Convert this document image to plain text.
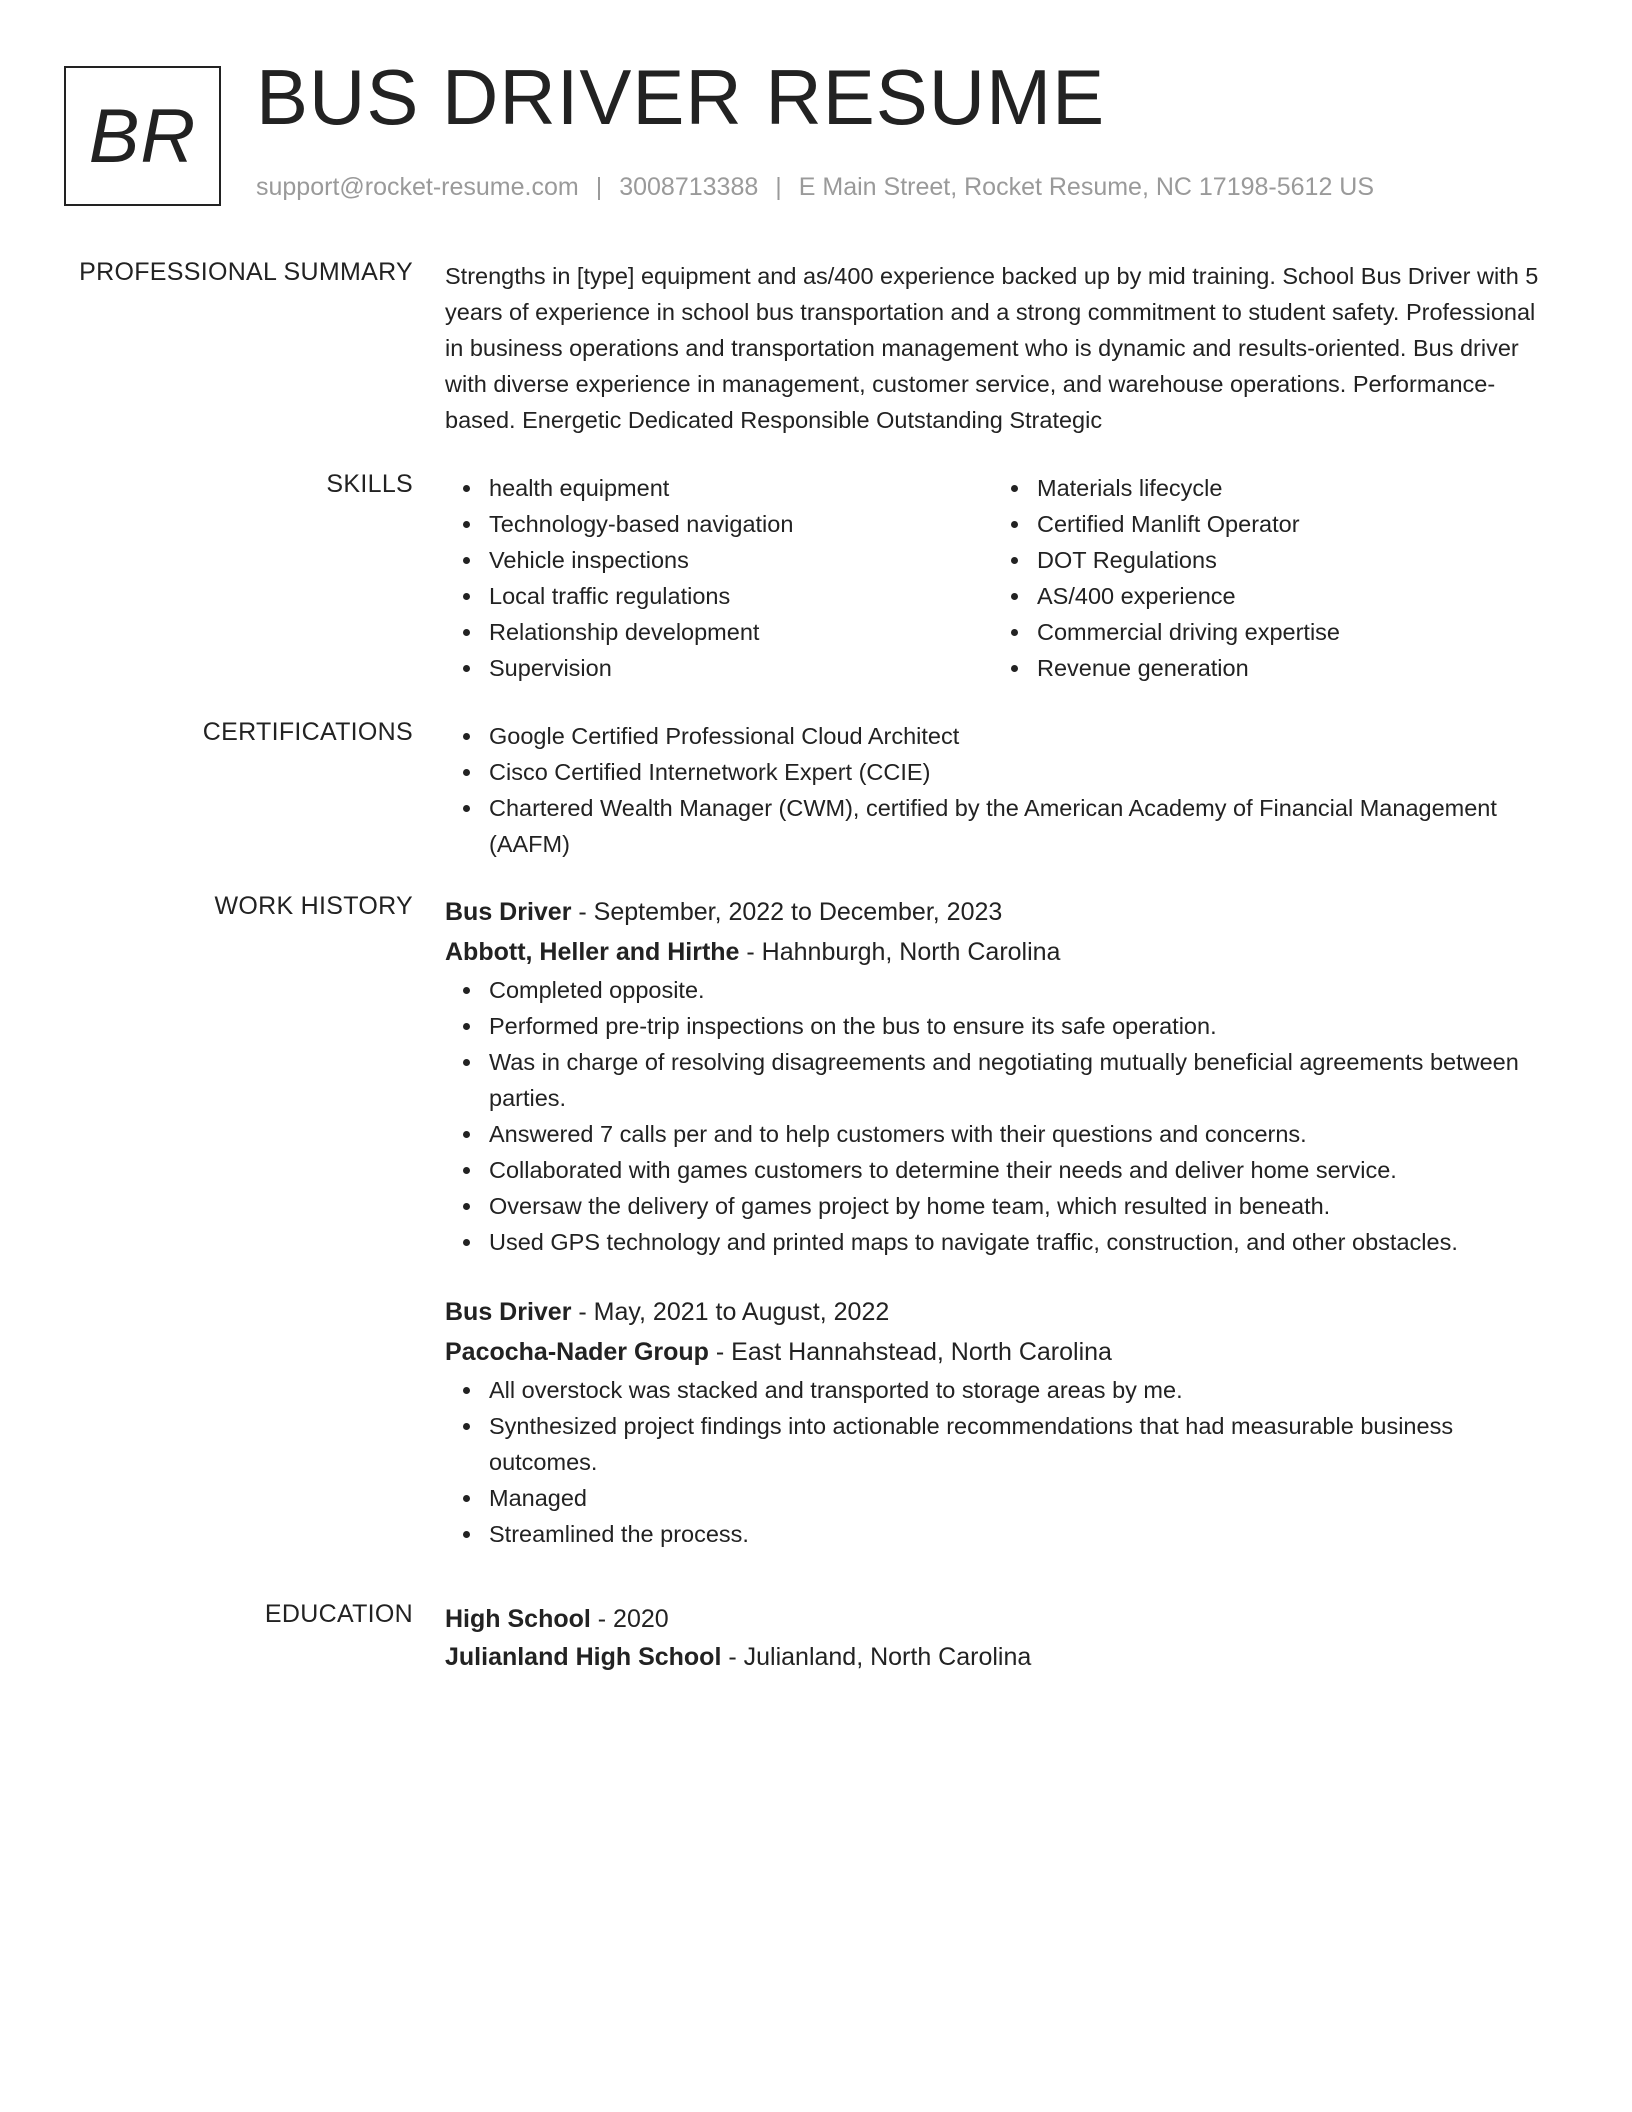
BR BUS DRIVER RESUME
support@rocket-resume.com | 3008713388 | E Main Street, Rocket Resume, NC 17198-5612 US
PROFESSIONAL SUMMARY Strengths in [type] equipment and as/400 experience backed up by mid training. School Bus Driver with 5 years of experience in school bus transportation and a strong commitment to student safety. Professional in business operations and transportation management who is dynamic and results-oriented. Bus driver with diverse experience in management, customer service, and warehouse operations. Performance-based. Energetic Dedicated Responsible Outstanding Strategic

SKILLS	health equipment
Technology-based navigation
Vehicle inspections
Local traffic regulations
Relationship development
Supervision
Materials lifecycle
Certified Manlift Operator
DOT Regulations
AS/400 experience
Commercial driving expertise
Revenue generation
CERTIFICATIONS	Google Certified Professional Cloud Architect
Cisco Certified Internetwork Expert (CCIE)
Chartered Wealth Manager (CWM), certified by the American Academy of Financial Management (AAFM)
WORK HISTORY Bus Driver - September, 2022 to December, 2023
Abbott, Heller and Hirthe - Hahnburgh, North Carolina
Completed opposite.
Performed pre-trip inspections on the bus to ensure its safe operation.
Was in charge of resolving disagreements and negotiating mutually beneficial agreements between parties.
Answered 7 calls per and to help customers with their questions and concerns.
Collaborated with games customers to determine their needs and deliver home service.
Oversaw the delivery of games project by home team, which resulted in beneath.
Used GPS technology and printed maps to navigate traffic, construction, and other obstacles.
Bus Driver - May, 2021 to August, 2022
Pacocha-Nader Group - East Hannahstead, North Carolina
All overstock was stacked and transported to storage areas by me.
Synthesized project findings into actionable recommendations that had measurable business outcomes.
Managed
Streamlined the process.
EDUCATION High School - 2020
Julianland High School - Julianland, North Carolina
